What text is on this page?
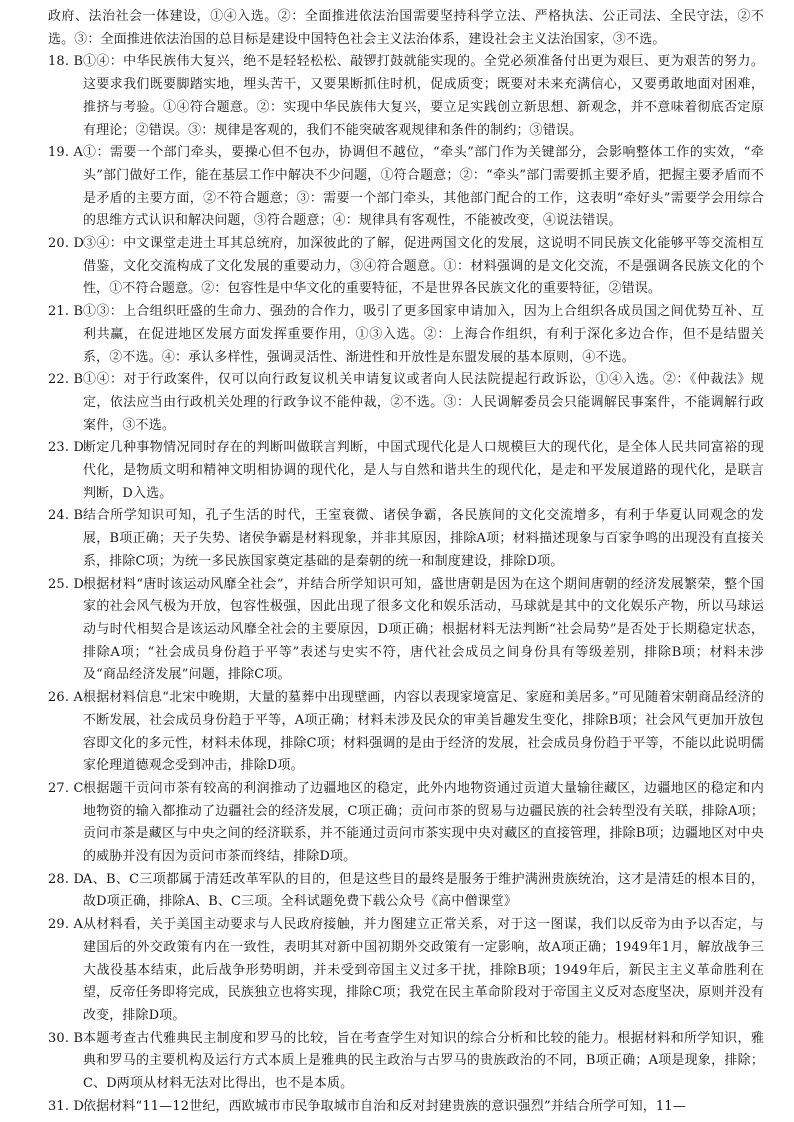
政府、法治社会一体建设，①④入选。②：全面推进依法治国需要坚持科学立法、严格执法、公正司法、全民守法，②不选。③：全面推进依法治国的总目标是建设中国特色社会主义法治体系，建设社会主义法治国家，③不选。

18. B ①④：中华民族伟大复兴，绝不是轻轻松松、敲锣打鼓就能实现的。全党必须准备付出更为艰巨、更为艰苦的努力。这要求我们既要脚踏实地，埋头苦干，又要果断抓住时机，促成质变；既要对未来充满信心，又要勇敢地面对困难，推挤与考验。①④符合题意。②：实现中华民族伟大复兴，要立足实践创立新思想、新观念，并不意味着彻底否定原有理论；②错误。③：规律是客观的，我们不能突破客观规律和条件的制约；③错误。

19. A ①：需要一个部门牵头，要操心但不包办，协调但不越位，“牵头”部门作为关键部分，会影响整体工作的实效，“牵头”部门做好工作，能在基层工作中解决不少问题，①符合题意；②：“牵头”部门需要抓主要矛盾，把握主要矛盾而不是矛盾的主要方面，②不符合题意；③：需要一个部门牵头，其他部门配合的工作，这表明“牵好头”需要学会用综合的思维方式认识和解决问题，③符合题意；④：规律具有客观性，不能被改变，④说法错误。

20. D
③④：中文课堂走进土耳其总统府，加深彼此的了解，促进两国文化的发展，这说明不同民族文化能够平等交流相互借鉴，文化交流构成了文化发展的重要动力，③④符合题意。①：材料强调的是文化交流，不是强调各民族文化的个性，①不符合题意。②：包容性是中华文化的重要特征，不是世界各民族文化的重要特征，②错误。

21. B ①③：上合组织旺盛的生命力、强劲的合作力，吸引了更多国家申请加入，因为上合组织各成员国之间优势互补、互利共赢，在促进地区发展方面发挥重要作用，①③入选。②：上海合作组织，有利于深化多边合作，但不是结盟关系，②不选。④：承认多样性，强调灵活性、渐进性和开放性是东盟发展的基本原则，④不选。

22. B ①④：对于行政案件，仅可以向行政复议机关申请复议或者向人民法院提起行政诉讼，①④入选。②：《仲裁法》规定，依法应当由行政机关处理的行政争议不能仲裁，②不选。③：人民调解委员会只能调解民事案件，不能调解行政案件，③不选。

23. D
断定几种事物情况同时存在的判断叫做联言判断，中国式现代化是人口规模巨大的现代化，是全体人民共同富裕的现代化，是物质文明和精神文明相协调的现代化，是人与自然和谐共生的现代化，是走和平发展道路的现代化，是联言判断，D入选。

24. B 结合所学知识可知，孔子生活的时代，王室衰微、诸侯争霸，各民族间的文化交流增多，有利于华夏认同观念的发展，B项正确；天子失势、诸侯争霸是材料现象，并非其原因，排除A项；材料描述现象与百家争鸣的出现没有直接关系，排除C项；为统一多民族国家奠定基础的是秦朝的统一和制度建设，排除D项。

25. D
根据材料“唐时该运动风靡全社会”，并结合所学知识可知，盛世唐朝是因为在这个期间唐朝的经济发展繁荣，整个国家的社会风气极为开放，包容性极强，因此出现了很多文化和娱乐活动，马球就是其中的文化娱乐产物，所以马球运动与时代相契合是该运动风靡全社会的主要原因，D项正确；根据材料无法判断“社会局势”是否处于长期稳定状态，排除A项；“社会成员身份趋于平等”表述与史实不符，唐代社会成员之间身份具有等级差别，排除B项；材料未涉及“商品经济发展”问题，排除C项。

26. A 根据材料信息“北宋中晚期，大量的墓葬中出现壁画，内容以表现家境富足、家庭和美居多。”可见随着宋朝商品经济的不断发展，社会成员身份趋于平等，A项正确；材料未涉及民众的审美旨趣发生变化，排除B项；社会风气更加开放包容即文化的多元性，材料未体现，排除C项；材料强调的是由于经济的发展，社会成员身份趋于平等，不能以此说明儒家伦理道德观念受到冲击，排除D项。

27. C 根据题干贡问市茶有较高的利润推动了边疆地区的稳定，此外内地物资通过贡道大量输往藏区，边疆地区的稳定和内地物资的输入都推动了边疆社会的经济发展，C项正确；贡问市茶的贸易与边疆民族的社会转型没有关联，排除A项；贡问市茶是藏区与中央之间的经济联系，并不能通过贡问市茶实现中央对藏区的直接管理，排除B项；边疆地区对中央的威胁并没有因为贡问市茶而终结，排除D项。

28. D
A、B、C三项都属于清廷改革军队的目的，但是这些目的最终是服务于维护满洲贵族统治，这才是清廷的根本目的，故D项正确，排除A、B、C三项。全科试题免费下载公众号《高中僧课堂》

29. A 从材料看，关于美国主动要求与人民政府接触，并力图建立正常关系，对于这一图谋，我们以反帝为由予以否定，与建国后的外交政策有内在一致性，表明其对新中国初期外交政策有一定影响，故A项正确；1949年1月，解放战争三大战役基本结束，此后战争形势明朗，并未受到帝国主义过多干扰，排除B项；1949年后，新民主主义革命胜利在望，反帝任务即将完成，民族独立也将实现，排除C项；我党在民主革命阶段对于帝国主义反对态度坚决，原则并没有改变，排除D项。

30. B 本题考查古代雅典民主制度和罗马的比较，旨在考查学生对知识的综合分析和比较的能力。根据材料和所学知识，雅典和罗马的主要机构及运行方式本质上是雅典的民主政治与古罗马的贵族政治的不同，B项正确；A项是现象，排除；C、D两项从材料无法对比得出，也不是本质。

31. D
依据材料“11—12世纪，西欧城市市民争取城市自治和反对封建贵族的意识强烈”并结合所学可知，11—
